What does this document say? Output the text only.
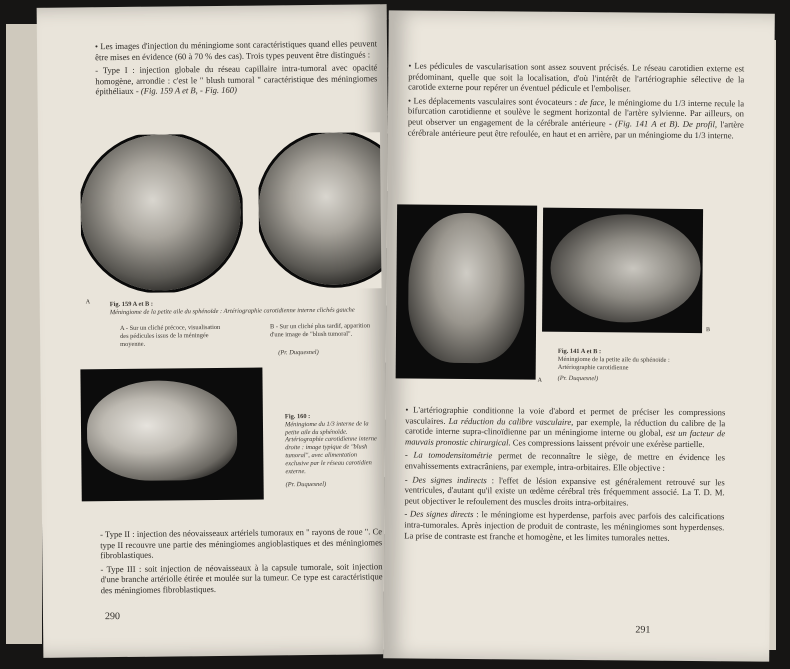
• Les images d'injection du méningiome sont caractéristiques quand elles peuvent être mises en évidence (60 à 70 % des cas). Trois types peuvent être distingués :

- Type I : injection globale du réseau capillaire intra-tumoral avec opacité homogène, arrondie : c'est le " blush tumoral " caractéristique des méningiomes épithéliaux - (Fig. 159 A et B, - Fig. 160)

A	Fig. 159 A et B :
Méningiome de la petite aile du sphénoïde : Artériographie carotidienne interne clichés gauche
A - Sur un cliché précoce, visualisation des pédicules issus de la méningée moyenne.
B - Sur un cliché plus tardif, apparition d'une image de "blush tumoral".
(Pr. Duquesnel)
Fig. 160 :
Méningiome du 1/3 interne de la petite aile du sphénoïde. Artériographie carotidienne interne droite : image typique de "blush tumoral", avec alimentation exclusive par le réseau carotidien externe.
(Pr. Duquesnel)

- Type II : injection des néovaisseaux artériels tumoraux en " rayons de roue ". Ce type II recouvre une partie des méningiomes angioblastiques et des méningiomes fibroblastiques.

- Type III : soit injection de néovaisseaux à la capsule tumorale, soit injection d'une branche artériolle étirée et moulée sur la tumeur. Ce type est caractéristique des méningiomes fibroblastiques.

290

• Les pédicules de vascularisation sont assez souvent précisés. Le réseau carotidien externe est prédominant, quelle que soit la localisation, d'où l'intérêt de l'artériographie sélective de la carotide externe pour repérer un éventuel pédicule et l'emboliser.

• Les déplacements vasculaires sont évocateurs : de face, le méningiome du 1/3 interne recule la bifurcation carotidienne et soulève le segment horizontal de l'artère sylvienne. Par ailleurs, on peut observer un engagement de la cérébrale antérieure - (Fig. 141 A et B). De profil, l'artère cérébrale antérieure peut être refoulée, en haut et en arrière, par un méningiome du 1/3 interne.

A
B
Fig. 141 A et B :
Méningiome de la petite aile du sphénoïde : Artériographie carotidienne
(Pr. Duquesnel)

• L'artériographie conditionne la voie d'abord et permet de préciser les compressions vasculaires. La réduction du calibre vasculaire, par exemple, la réduction du calibre de la carotide interne supra-clinoïdienne par un méningiome interne ou global, est un facteur de mauvais pronostic chirurgical. Ces compressions laissent prévoir une exérèse partielle.

- La tomodensitométrie permet de reconnaître le siège, de mettre en évidence les envahissements extracrâniens, par exemple, intra-orbitaires. Elle objective :

- Des signes indirects : l'effet de lésion expansive est généralement retrouvé sur les ventricules, d'autant qu'il existe un œdème cérébral très fréquemment associé. La T. D. M. peut objectiver le refoulement des muscles droits intra-orbitaires.

- Des signes directs : le méningiome est hyperdense, parfois avec parfois des calcifications intra-tumorales. Après injection de produit de contraste, les méningiomes sont hyperdenses. La prise de contraste est franche et homogène, et les limites tumorales nettes.

291
